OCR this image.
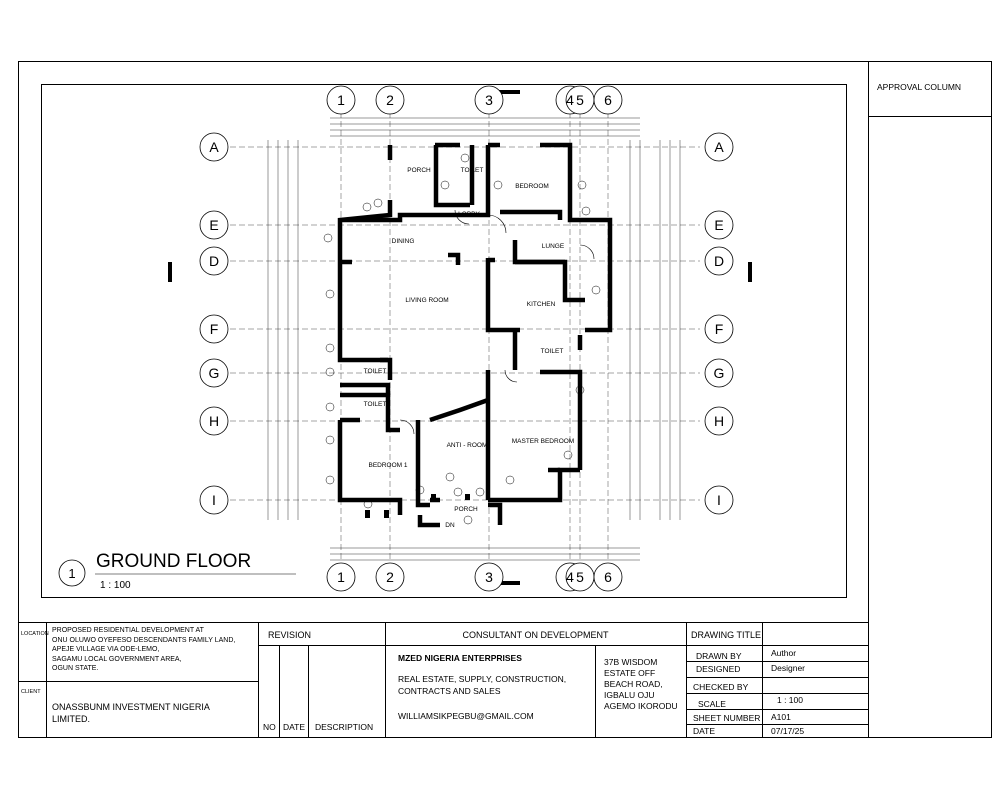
APPROVAL COLUMN
1	2	3	4 5 6
1	2	3	4 5 6
A
E
D
F
G
H
I
A
E
D
F
G
H
I
PORCH	TOILET
BEDROOM
LOBBY
DINING
LUNGE
LIVING ROOM
KITCHEN
TOILET
TOILET
TOILET
MASTER BEDROOM
ANTI - ROOM
BEDROOM 1
PORCH
DN
1
GROUND FLOOR
1 : 100
LOCATION PROPOSED RESIDENTIAL DEVELOPMENT AT
ONU OLUWO OYEFESO DESCENDANTS FAMILY LAND,
APEJE VILLAGE VIA ODE-LEMO,
SAGAMU LOCAL GOVERNMENT AREA,
OGUN STATE.
CLIENT
ONASSBUNM INVESTMENT NIGERIA
LIMITED.
REVISION
NO DATE DESCRIPTION
CONSULTANT ON DEVELOPMENT
MZED NIGERIA ENTERPRISES
REAL ESTATE, SUPPLY, CONSTRUCTION,
CONTRACTS AND SALES
WILLIAMSIKPEGBU@GMAIL.COM
37B WISDOM
ESTATE OFF
BEACH ROAD,
IGBALU OJU
AGEMO IKORODU
DRAWING TITLE
DRAWN BY	Author
DESIGNED	Designer
CHECKED BY
SCALE	1 : 100
SHEET NUMBER A101
DATE	07/17/25
